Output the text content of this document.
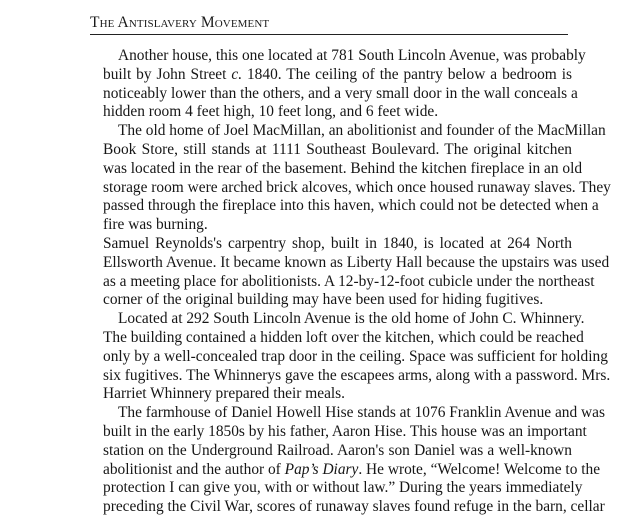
The Antislavery Movement
Another house, this one located at 781 South Lincoln Avenue, was probably
built by John Street c. 1840. The ceiling of the pantry below a bedroom is
noticeably lower than the others, and a very small door in the wall conceals a
hidden room 4 feet high, 10 feet long, and 6 feet wide.
The old home of Joel MacMillan, an abolitionist and founder of the MacMillan
Book Store, still stands at 1111 Southeast Boulevard. The original kitchen
was located in the rear of the basement. Behind the kitchen fireplace in an old
storage room were arched brick alcoves, which once housed runaway slaves. They
passed through the fireplace into this haven, which could not be detected when a
fire was burning.
Samuel Reynolds's carpentry shop, built in 1840, is located at 264 North
Ellsworth Avenue. It became known as Liberty Hall because the upstairs was used
as a meeting place for abolitionists. A 12-by-12-foot cubicle under the northeast
corner of the original building may have been used for hiding fugitives.
Located at 292 South Lincoln Avenue is the old home of John C. Whinnery.
The building contained a hidden loft over the kitchen, which could be reached
only by a well-concealed trap door in the ceiling. Space was sufficient for holding
six fugitives. The Whinnerys gave the escapees arms, along with a password. Mrs.
Harriet Whinnery prepared their meals.
The farmhouse of Daniel Howell Hise stands at 1076 Franklin Avenue and was
built in the early 1850s by his father, Aaron Hise. This house was an important
station on the Underground Railroad. Aaron's son Daniel was a well-known
abolitionist and the author of Pap’s Diary. He wrote, “Welcome! Welcome to the
protection I can give you, with or without law.” During the years immediately
preceding the Civil War, scores of runaway slaves found refuge in the barn, cellar
